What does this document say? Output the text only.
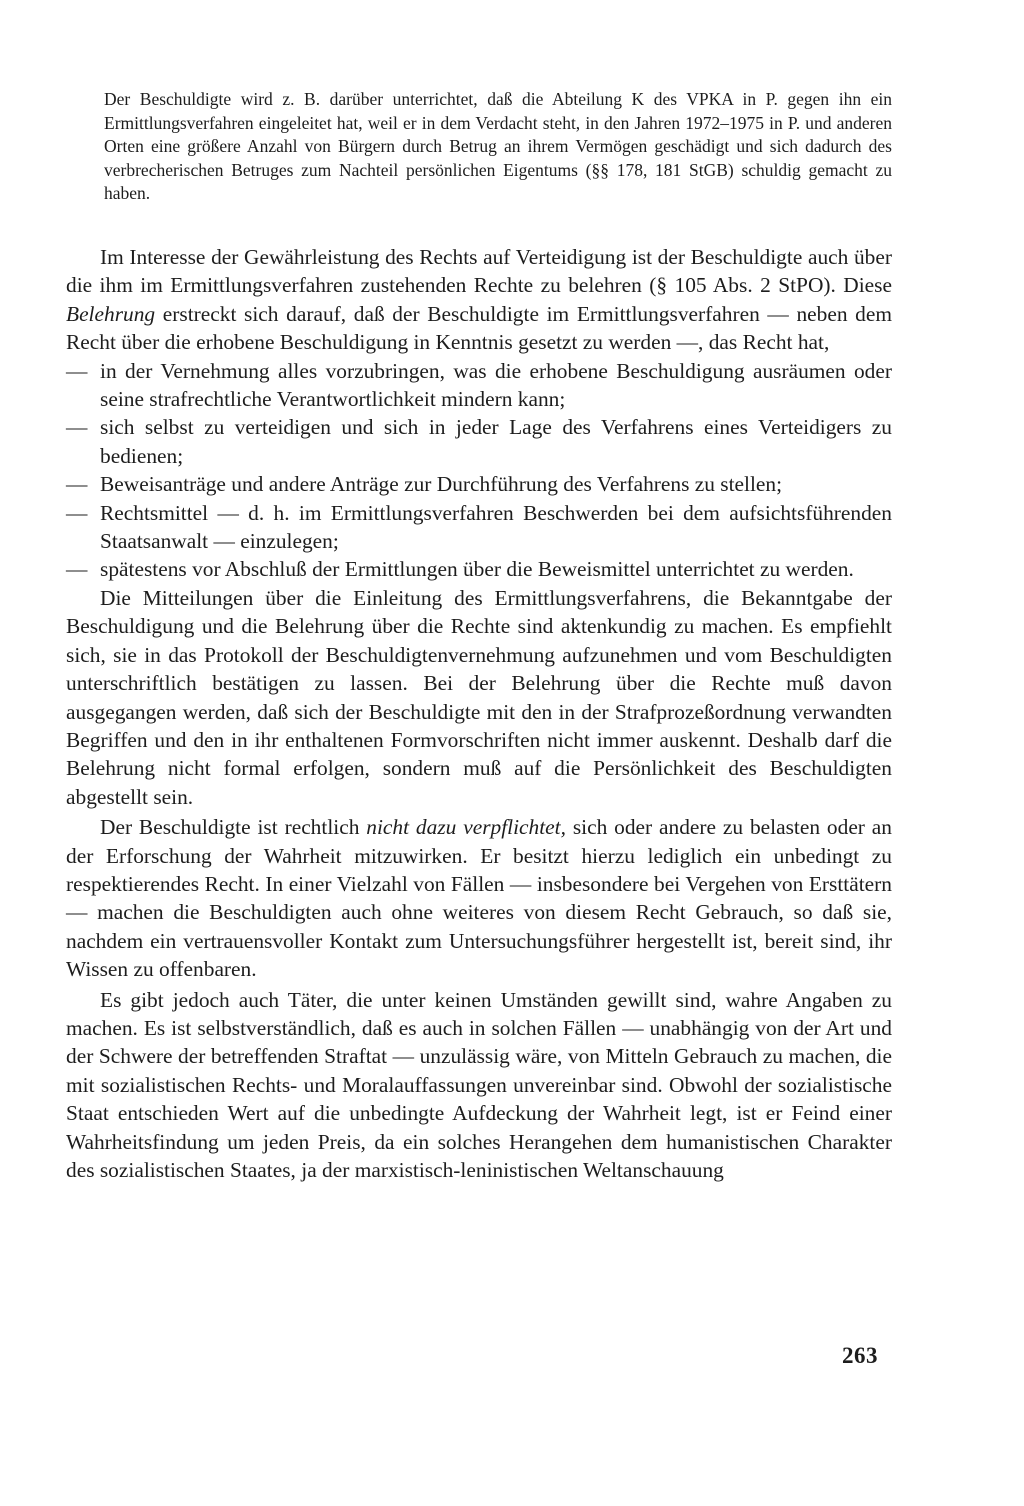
Der Beschuldigte wird z. B. darüber unterrichtet, daß die Abteilung K des VPKA in P. gegen ihn ein Ermittlungsverfahren eingeleitet hat, weil er in dem Verdacht steht, in den Jahren 1972–1975 in P. und anderen Orten eine größere Anzahl von Bürgern durch Betrug an ihrem Vermögen geschädigt und sich dadurch des verbrecherischen Betruges zum Nachteil persönlichen Eigentums (§§ 178, 181 StGB) schuldig gemacht zu haben.

Im Interesse der Gewährleistung des Rechts auf Verteidigung ist der Beschuldigte auch über die ihm im Ermittlungsverfahren zustehenden Rechte zu belehren (§ 105 Abs. 2 StPO). Diese Belehrung erstreckt sich darauf, daß der Beschuldigte im Ermittlungsverfahren — neben dem Recht über die erhobene Beschuldigung in Kenntnis gesetzt zu werden —, das Recht hat,

— in der Vernehmung alles vorzubringen, was die erhobene Beschuldigung ausräumen oder seine strafrechtliche Verantwortlichkeit mindern kann;
— sich selbst zu verteidigen und sich in jeder Lage des Verfahrens eines Verteidigers zu bedienen;
— Beweisanträge und andere Anträge zur Durchführung des Verfahrens zu stellen;
— Rechtsmittel — d. h. im Ermittlungsverfahren Beschwerden bei dem aufsichtsführenden Staatsanwalt — einzulegen;
— spätestens vor Abschluß der Ermittlungen über die Beweismittel unterrichtet zu werden.

Die Mitteilungen über die Einleitung des Ermittlungsverfahrens, die Bekanntgabe der Beschuldigung und die Belehrung über die Rechte sind aktenkundig zu machen. Es empfiehlt sich, sie in das Protokoll der Beschuldigtenvernehmung aufzunehmen und vom Beschuldigten unterschriftlich bestätigen zu lassen. Bei der Belehrung über die Rechte muß davon ausgegangen werden, daß sich der Beschuldigte mit den in der Strafprozeßordnung verwandten Begriffen und den in ihr enthaltenen Formvorschriften nicht immer auskennt. Deshalb darf die Belehrung nicht formal erfolgen, sondern muß auf die Persönlichkeit des Beschuldigten abgestellt sein.

Der Beschuldigte ist rechtlich nicht dazu verpflichtet, sich oder andere zu belasten oder an der Erforschung der Wahrheit mitzuwirken. Er besitzt hierzu lediglich ein unbedingt zu respektierendes Recht. In einer Vielzahl von Fällen — insbesondere bei Vergehen von Ersttätern — machen die Beschuldigten auch ohne weiteres von diesem Recht Gebrauch, so daß sie, nachdem ein vertrauensvoller Kontakt zum Untersuchungsführer hergestellt ist, bereit sind, ihr Wissen zu offenbaren.

Es gibt jedoch auch Täter, die unter keinen Umständen gewillt sind, wahre Angaben zu machen. Es ist selbstverständlich, daß es auch in solchen Fällen — unabhängig von der Art und der Schwere der betreffenden Straftat — unzulässig wäre, von Mitteln Gebrauch zu machen, die mit sozialistischen Rechts- und Moralauffassungen unvereinbar sind. Obwohl der sozialistische Staat entschieden Wert auf die unbedingte Aufdeckung der Wahrheit legt, ist er Feind einer Wahrheitsfindung um jeden Preis, da ein solches Herangehen dem humanistischen Charakter des sozialistischen Staates, ja der marxistisch-leninistischen Weltanschauung

263
